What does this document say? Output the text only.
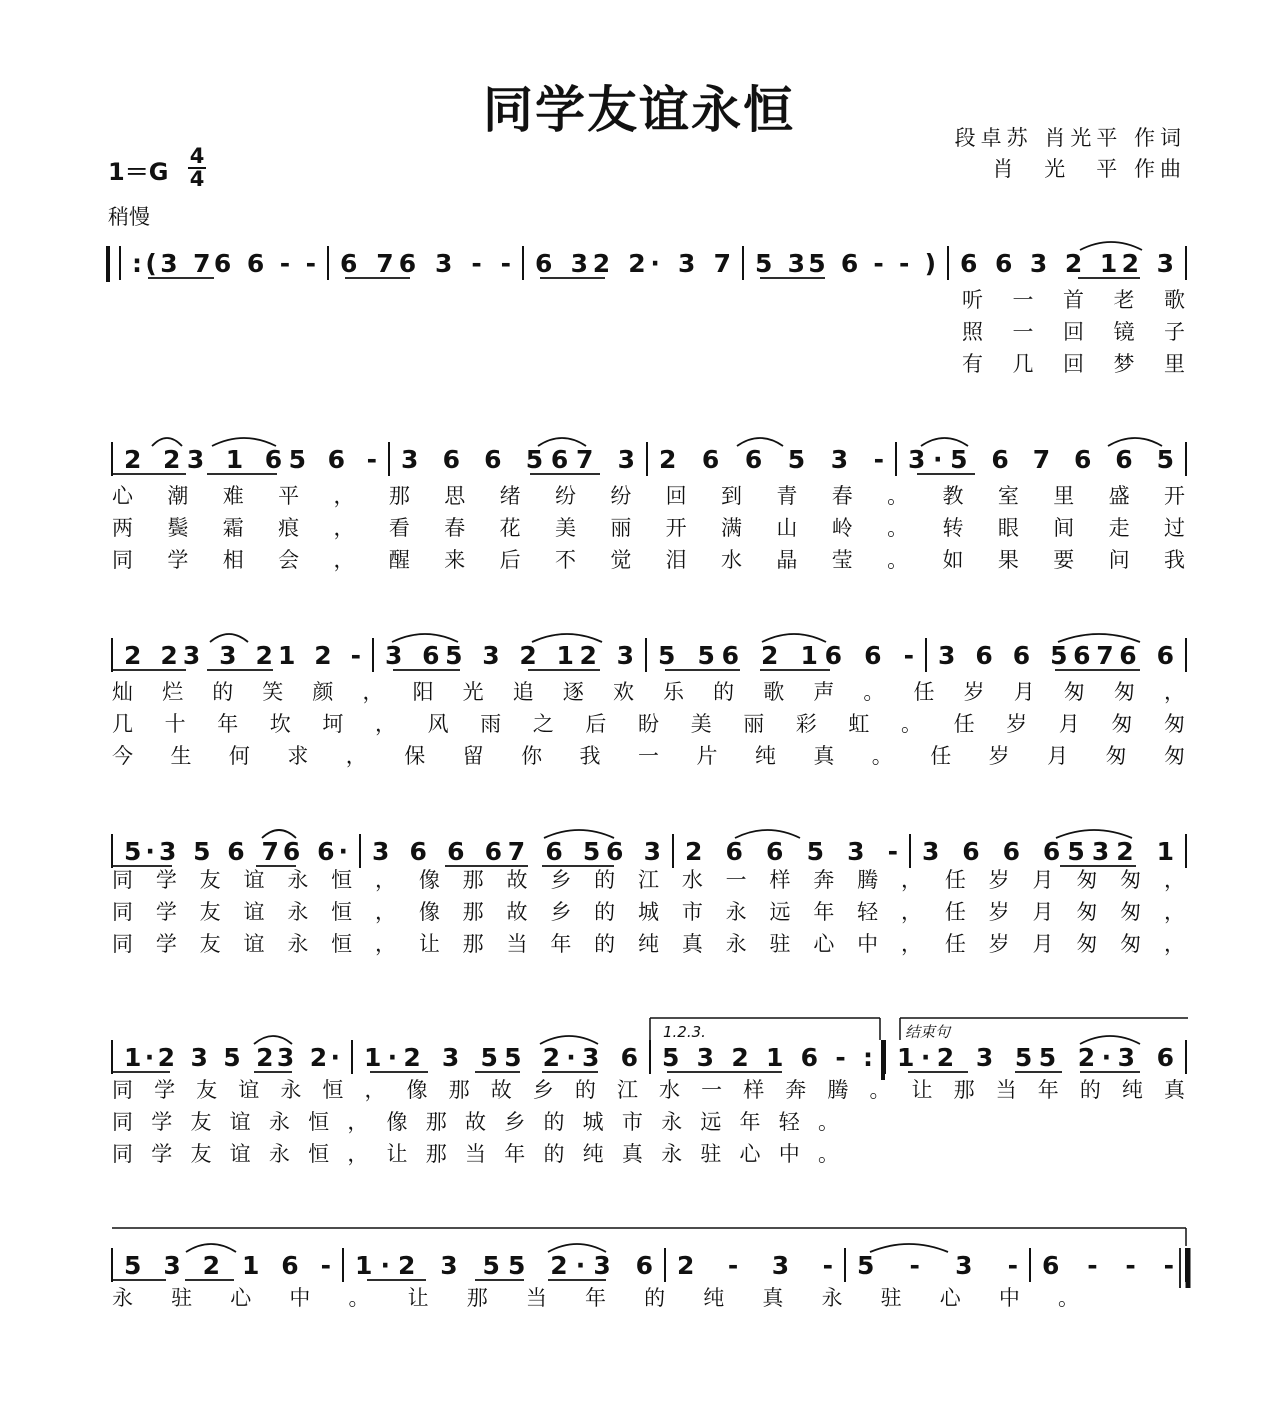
同学友谊永恒	段卓苏 肖光平 作词
肖　光　平 作曲
1＝G
4
4
稍慢
:(3 76 6 - - 6 76 3 - - 6 32 2· 3 7 5 35 6 - - ) 6 6 3 2 12 3
2 23 1 65 6 - 3 6 6 567 3 2 6 6 5 3 - 3·5 6 7 6 6 5
2 23 3 21 2 - 3 65 3 2 12 3 5 56 2 16 6 - 3 6 6 5676 6
5·3 5 6 76 6· 3 6 6 67 6 56 3 2 6 6 5 3 - 3 6 6 6532 1
1·2 3 5 23 2· 1·2 3 55 2·3 6 5 3 2 1 6 - : 1·2 3 55 2·3 6
5 3 2 1 6 - 1·2 3 55 2·3 6 2 - 3 - 5 - 3 - 6 - - -
1.2.3.	结束句
听 一 首 老 歌
照 一 回 镜 子
有 几 回 梦 里
心 潮 难 平 ， 那 思 绪 纷 纷 回 到 青 春 。 教 室 里 盛 开
两 鬓 霜 痕 ， 看 春 花 美 丽 开 满 山 岭 。 转 眼 间 走 过
同 学 相 会 ， 醒 来 后 不 觉 泪 水 晶 莹 。 如 果 要 问 我
灿 烂 的 笑 颜 ， 阳 光 追 逐 欢 乐 的 歌 声 。 任 岁 月 匆 匆 ，
几 十 年 坎 坷 ， 风 雨 之 后 盼 美 丽 彩 虹 。 任 岁 月 匆 匆
今 生 何 求 ， 保 留 你 我 一 片 纯 真 。 任 岁 月 匆 匆
同 学 友 谊 永 恒 ， 像 那 故 乡 的 江 水 一 样 奔 腾 ， 任 岁 月 匆 匆 ，
同 学 友 谊 永 恒 ， 像 那 故 乡 的 城 市 永 远 年 轻 ， 任 岁 月 匆 匆 ，
同 学 友 谊 永 恒 ， 让 那 当 年 的 纯 真 永 驻 心 中 ， 任 岁 月 匆 匆 ，
同 学 友 谊 永 恒 ， 像 那 故 乡 的 江 水 一 样 奔 腾 。 让 那 当 年 的 纯 真
同 学 友 谊 永 恒 ， 像 那 故 乡 的 城 市 永 远 年 轻 。
同 学 友 谊 永 恒 ， 让 那 当 年 的 纯 真 永 驻 心 中 。
永 驻 心 中 。 让 那 当 年 的 纯 真 永 驻 心 中 。
